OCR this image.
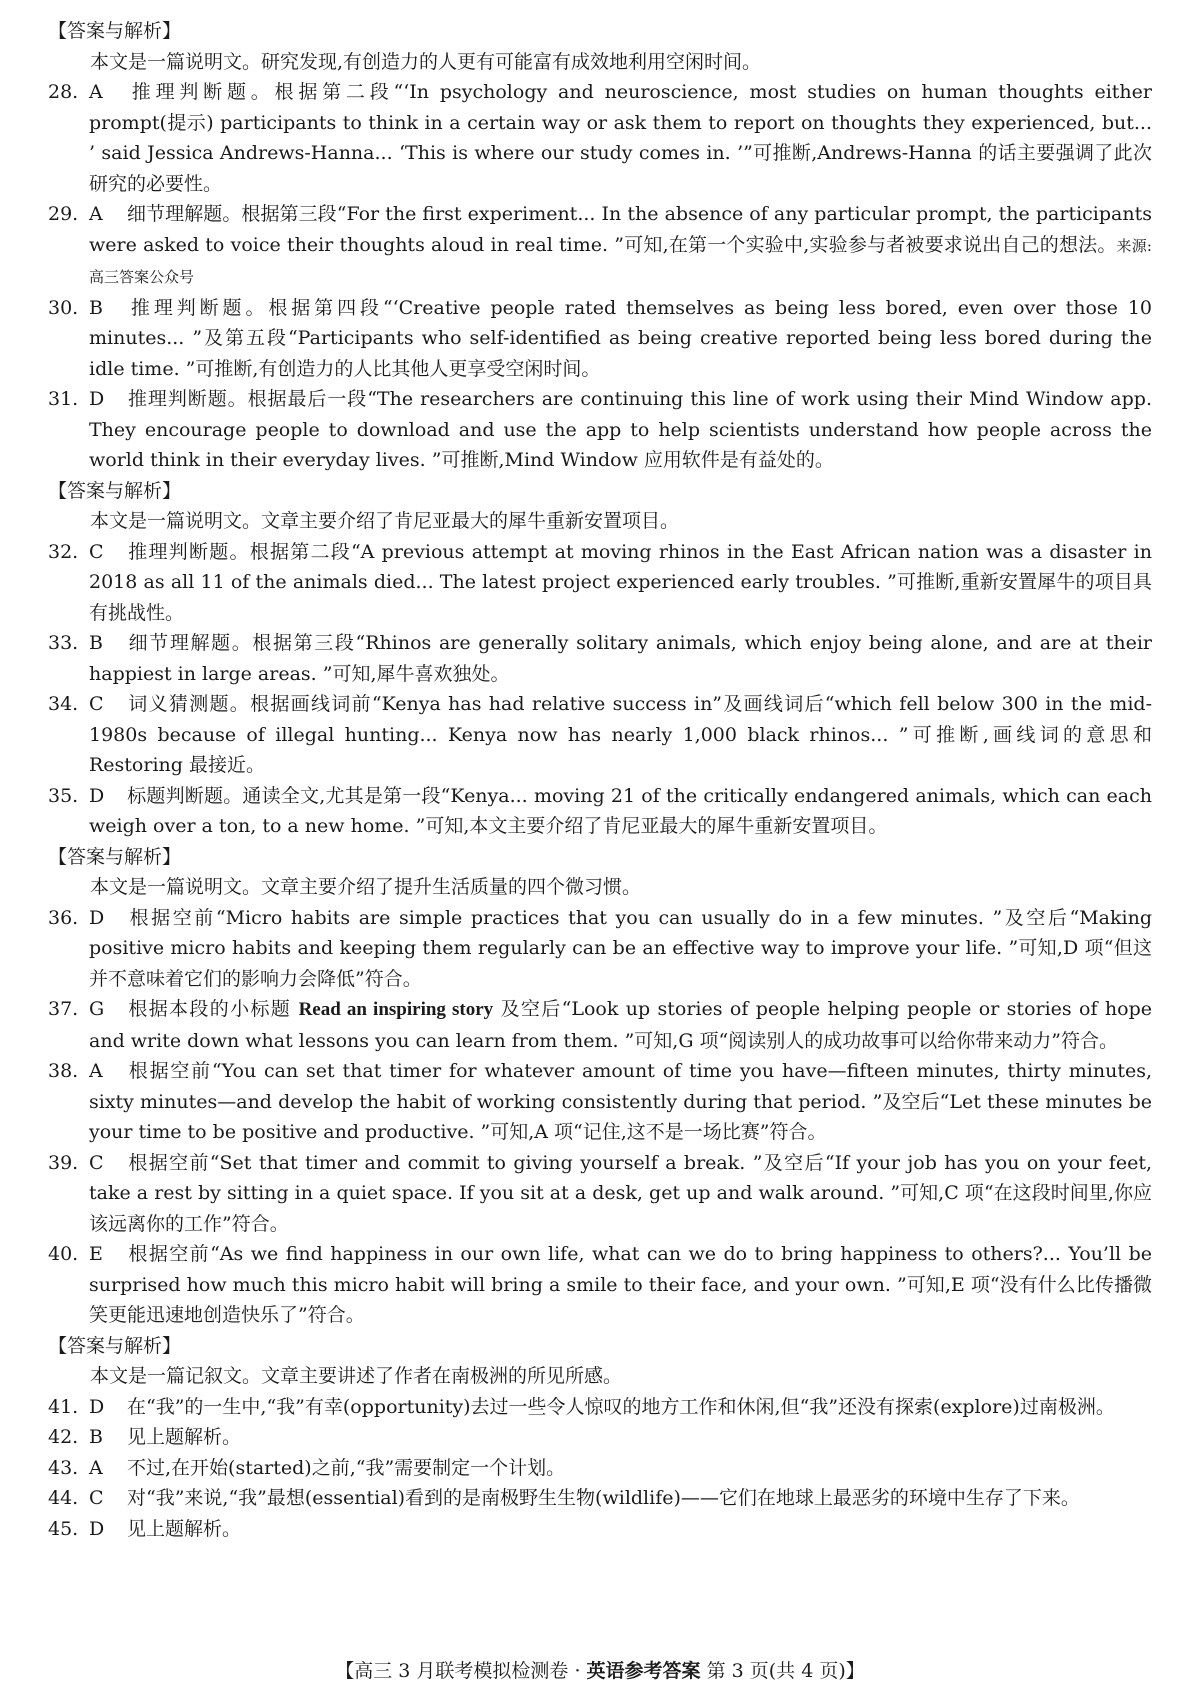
【答案与解析】
本文是一篇说明文。研究发现,有创造力的人更有可能富有成效地利用空闲时间。
28. A 推理判断题。根据第二段“‘In psychology and neuroscience, most studies on human thoughts either prompt(提示) participants to think in a certain way or ask them to report on thoughts they experienced, but... ’ said Jessica Andrews-Hanna... ‘This is where our study comes in. ’”可推断,Andrews-Hanna 的话主要强调了此次研究的必要性。
29. A 细节理解题。根据第三段“For the first experiment... In the absence of any particular prompt, the participants were asked to voice their thoughts aloud in real time. ”可知,在第一个实验中,实验参与者被要求说出自己的想法。来源: 高三答案公众号
30. B 推理判断题。根据第四段“‘Creative people rated themselves as being less bored, even over those 10 minutes... ”及第五段“Participants who self-identified as being creative reported being less bored during the idle time. ”可推断,有创造力的人比其他人更享受空闲时间。
31. D 推理判断题。根据最后一段“The researchers are continuing this line of work using their Mind Window app. They encourage people to download and use the app to help scientists understand how people across the world think in their everyday lives. ”可推断,Mind Window 应用软件是有益处的。
【答案与解析】
本文是一篇说明文。文章主要介绍了肯尼亚最大的犀牛重新安置项目。
32. C 推理判断题。根据第二段“A previous attempt at moving rhinos in the East African nation was a disaster in 2018 as all 11 of the animals died... The latest project experienced early troubles. ”可推断,重新安置犀牛的项目具有挑战性。
33. B 细节理解题。根据第三段“Rhinos are generally solitary animals, which enjoy being alone, and are at their happiest in large areas. ”可知,犀牛喜欢独处。
34. C 词义猜测题。根据画线词前“Kenya has had relative success in”及画线词后“which fell below 300 in the mid-1980s because of illegal hunting... Kenya now has nearly 1,000 black rhinos... ”可推断,画线词的意思和 Restoring 最接近。
35. D 标题判断题。通读全文,尤其是第一段“Kenya... moving 21 of the critically endangered animals, which can each weigh over a ton, to a new home. ”可知,本文主要介绍了肯尼亚最大的犀牛重新安置项目。
【答案与解析】
本文是一篇说明文。文章主要介绍了提升生活质量的四个微习惯。
36. D 根据空前“Micro habits are simple practices that you can usually do in a few minutes. ”及空后“Making positive micro habits and keeping them regularly can be an effective way to improve your life. ”可知,D 项“但这并不意味着它们的影响力会降低”符合。
37. G 根据本段的小标题 Read an inspiring story 及空后“Look up stories of people helping people or stories of hope and write down what lessons you can learn from them. ”可知,G 项“阅读别人的成功故事可以给你带来动力”符合。
38. A 根据空前“You can set that timer for whatever amount of time you have—fifteen minutes, thirty minutes, sixty minutes—and develop the habit of working consistently during that period. ”及空后“Let these minutes be your time to be positive and productive. ”可知,A 项“记住,这不是一场比赛”符合。
39. C 根据空前“Set that timer and commit to giving yourself a break. ”及空后“If your job has you on your feet, take a rest by sitting in a quiet space. If you sit at a desk, get up and walk around. ”可知,C 项“在这段时间里,你应该远离你的工作”符合。
40. E 根据空前“As we find happiness in our own life, what can we do to bring happiness to others?... You’ll be surprised how much this micro habit will bring a smile to their face, and your own. ”可知,E 项“没有什么比传播微笑更能迅速地创造快乐了”符合。
【答案与解析】
本文是一篇记叙文。文章主要讲述了作者在南极洲的所见所感。
41. D 在“我”的一生中,“我”有幸(opportunity)去过一些令人惊叹的地方工作和休闲,但“我”还没有探索(explore)过南极洲。
42. B 见上题解析。
43. A 不过,在开始(started)之前,“我”需要制定一个计划。
44. C 对“我”来说,“我”最想(essential)看到的是南极野生生物(wildlife)——它们在地球上最恶劣的环境中生存了下来。
45. D 见上题解析。
【高三 3 月联考模拟检测卷 · 英语参考答案 第 3 页(共 4 页)】
